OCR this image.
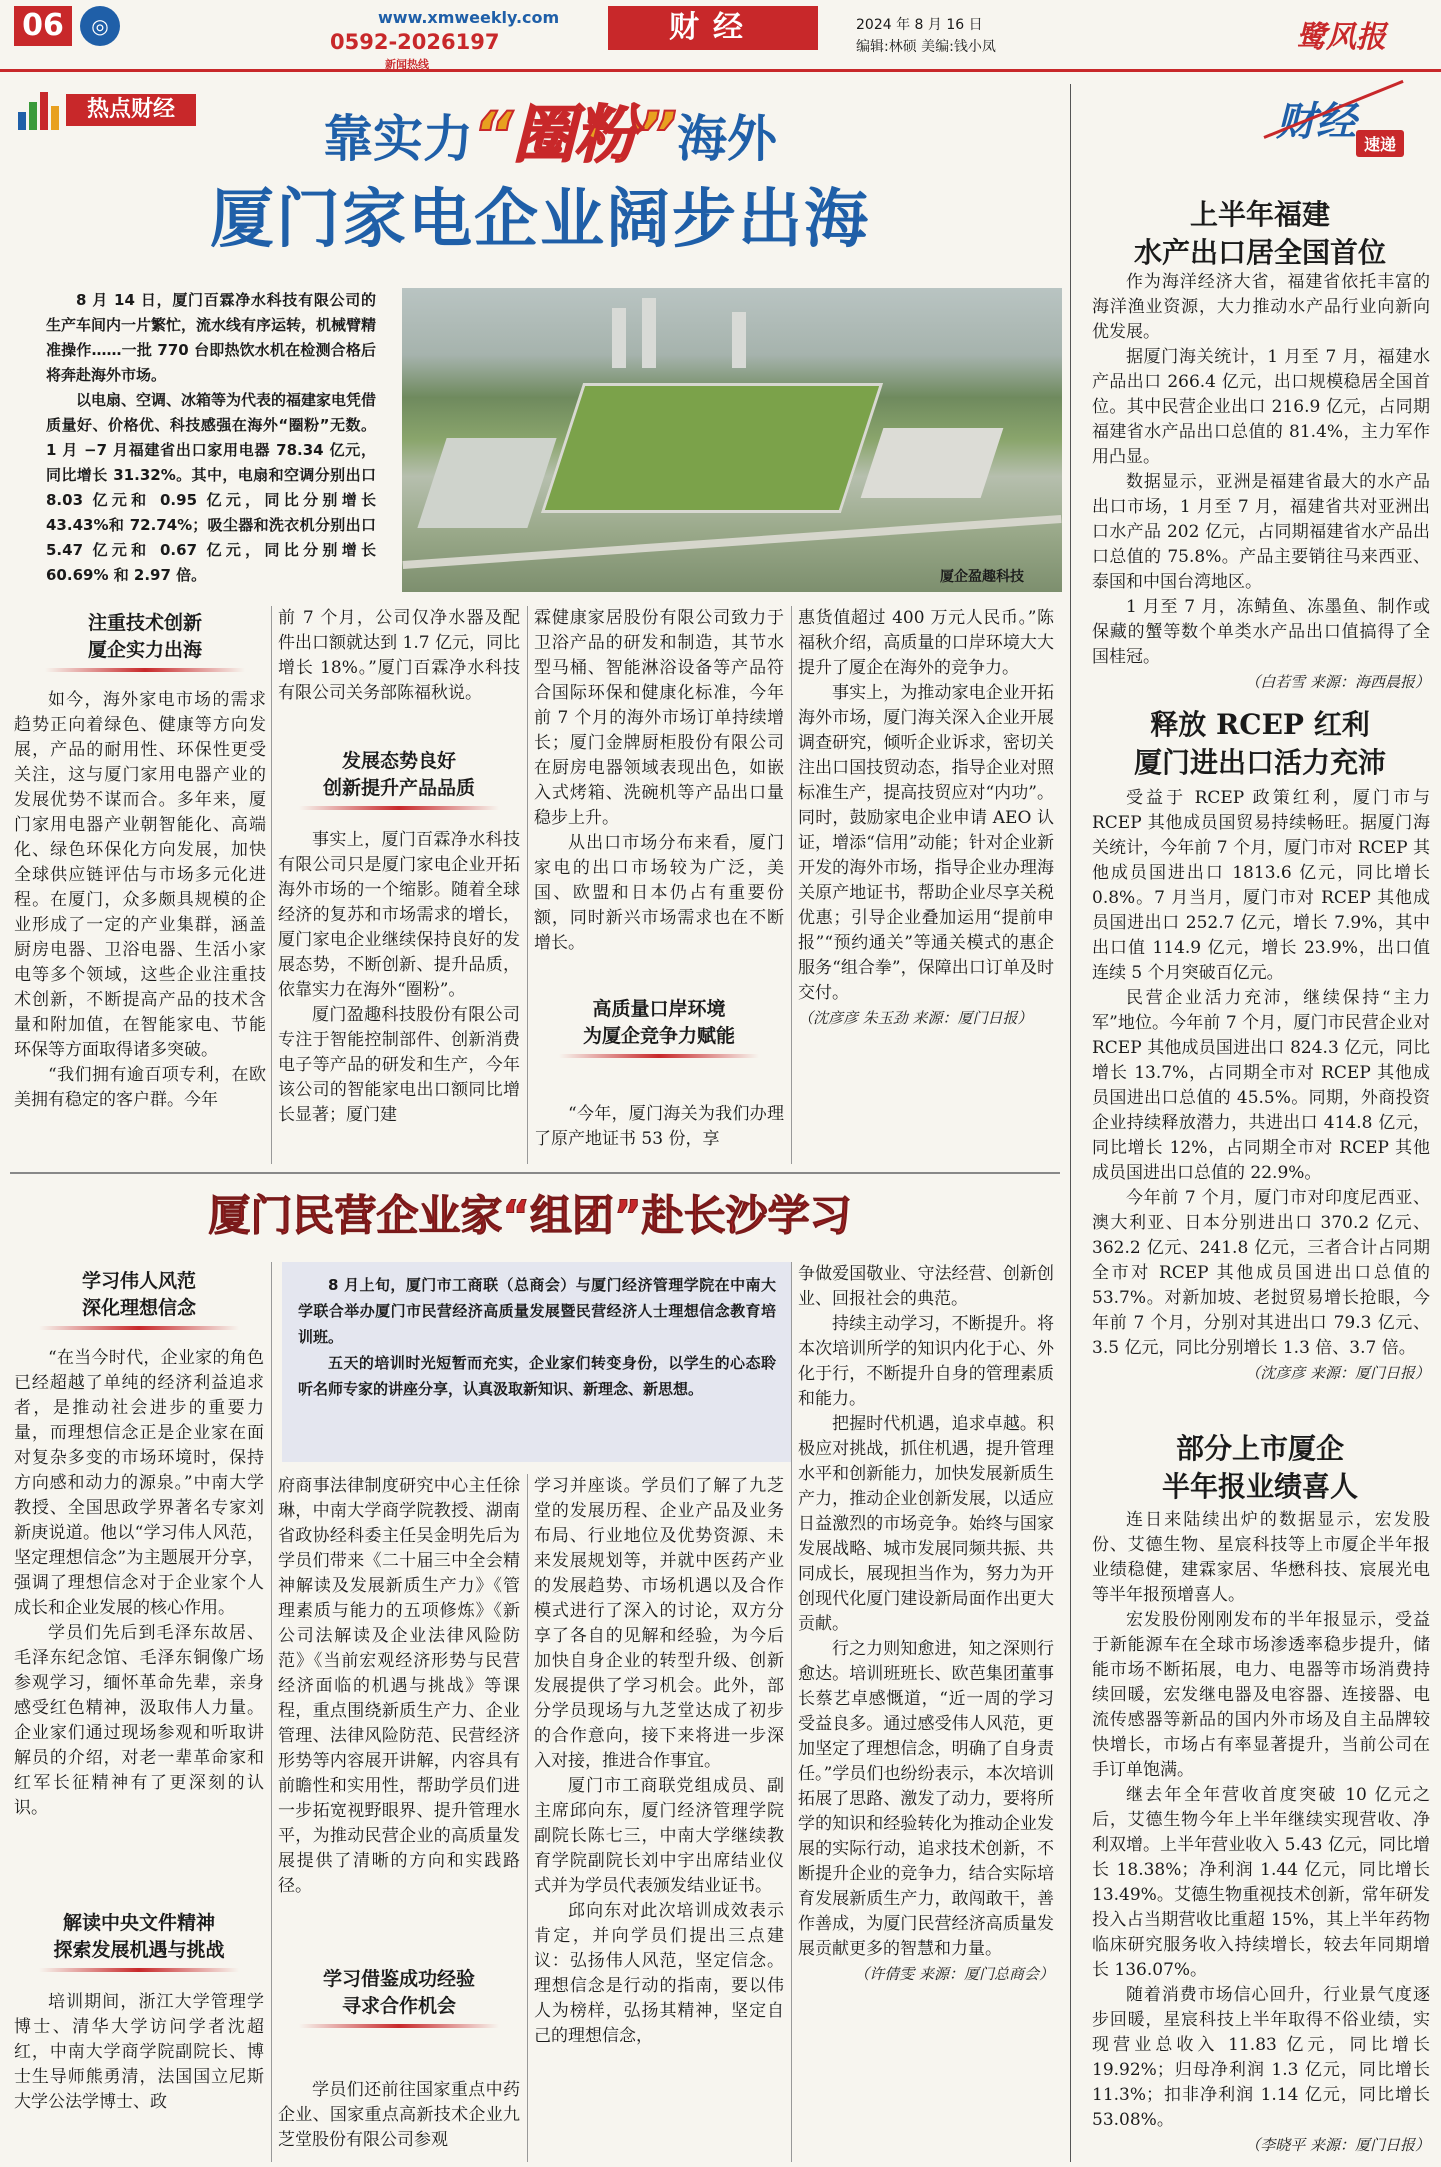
06	◎	www.xmweekly.com
0592-2026197
新闻热线
财经	2024 年 8 月 16 日
编辑:林硕 美编:钱小凤	鹭风报
热点财经
靠实力“圈粉”海外
厦门家电企业阔步出海

8 月 14 日，厦门百霖净水科技有限公司的生产车间内一片繁忙，流水线有序运转，机械臂精准操作……一批 770 台即热饮水机在检测合格后将奔赴海外市场。

以电扇、空调、冰箱等为代表的福建家电凭借质量好、价格优、科技感强在海外“圈粉”无数。1 月 −7 月福建省出口家用电器 78.34 亿元，同比增长 31.32%。其中，电扇和空调分别出口 8.03 亿元和 0.95 亿元，同比分别增长 43.43%和 72.74%；吸尘器和洗衣机分别出口 5.47 亿元和 0.67 亿元，同比分别增长 60.69% 和 2.97 倍。	厦企盈趣科技
注重技术创新
厦企实力出海

如今，海外家电市场的需求趋势正向着绿色、健康等方向发展，产品的耐用性、环保性更受关注，这与厦门家用电器产业的发展优势不谋而合。多年来，厦门家用电器产业朝智能化、高端化、绿色环保化方向发展，加快全球供应链评估与市场多元化进程。在厦门，众多颇具规模的企业形成了一定的产业集群，涵盖厨房电器、卫浴电器、生活小家电等多个领域，这些企业注重技术创新，不断提高产品的技术含量和附加值，在智能家电、节能环保等方面取得诸多突破。

“我们拥有逾百项专利，在欧美拥有稳定的客户群。今年

前 7 个月，公司仅净水器及配件出口额就达到 1.7 亿元，同比增长 18%。”厦门百霖净水科技有限公司关务部陈福秋说。

发展态势良好
创新提升产品品质

事实上，厦门百霖净水科技有限公司只是厦门家电企业开拓海外市场的一个缩影。随着全球经济的复苏和市场需求的增长，厦门家电企业继续保持良好的发展态势，不断创新、提升品质，依靠实力在海外“圈粉”。

厦门盈趣科技股份有限公司专注于智能控制部件、创新消费电子等产品的研发和生产，今年该公司的智能家电出口额同比增长显著；厦门建

霖健康家居股份有限公司致力于卫浴产品的研发和制造，其节水型马桶、智能淋浴设备等产品符合国际环保和健康化标准，今年前 7 个月的海外市场订单持续增长；厦门金牌厨柜股份有限公司在厨房电器领域表现出色，如嵌入式烤箱、洗碗机等产品出口量稳步上升。

从出口市场分布来看，厦门家电的出口市场较为广泛，美国、欧盟和日本仍占有重要份额，同时新兴市场需求也在不断增长。

高质量口岸环境
为厦企竞争力赋能

“今年，厦门海关为我们办理了原产地证书 53 份，享

惠货值超过 400 万元人民币。”陈福秋介绍，高质量的口岸环境大大提升了厦企在海外的竞争力。

事实上，为推动家电企业开拓海外市场，厦门海关深入企业开展调查研究，倾听企业诉求，密切关注出口国技贸动态，指导企业对照标准生产，提高技贸应对“内功”。同时，鼓励家电企业申请 AEO 认证，增添“信用”动能；针对企业新开发的海外市场，指导企业办理海关原产地证书，帮助企业尽享关税优惠；引导企业叠加运用“提前申报”“预约通关”等通关模式的惠企服务“组合拳”，保障出口订单及时交付。

（沈彦彦 朱玉劲 来源：厦门日报）

厦门民营企业家“组团”赴长沙学习
学习伟人风范
深化理想信念

“在当今时代，企业家的角色已经超越了单纯的经济利益追求者，是推动社会进步的重要力量，而理想信念正是企业家在面对复杂多变的市场环境时，保持方向感和动力的源泉。”中南大学教授、全国思政学界著名专家刘新庚说道。他以“学习伟人风范，坚定理想信念”为主题展开分享，强调了理想信念对于企业家个人成长和企业发展的核心作用。

学员们先后到毛泽东故居、毛泽东纪念馆、毛泽东铜像广场参观学习，缅怀革命先辈，亲身感受红色精神，汲取伟人力量。企业家们通过现场参观和听取讲解员的介绍，对老一辈革命家和红军长征精神有了更深刻的认识。

解读中央文件精神
探索发展机遇与挑战

培训期间，浙江大学管理学博士、清华大学访问学者沈超红，中南大学商学院副院长、博士生导师熊勇清，法国国立尼斯大学公法学博士、政

8 月上旬，厦门市工商联（总商会）与厦门经济管理学院在中南大学联合举办厦门市民营经济高质量发展暨民营经济人士理想信念教育培训班。

五天的培训时光短暂而充实，企业家们转变身份，以学生的心态聆听名师专家的讲座分享，认真汲取新知识、新理念、新思想。

府商事法律制度研究中心主任徐琳，中南大学商学院教授、湖南省政协经科委主任吴金明先后为学员们带来《二十届三中全会精神解读及发展新质生产力》《管理素质与能力的五项修炼》《新公司法解读及企业法律风险防范》《当前宏观经济形势与民营经济面临的机遇与挑战》等课程，重点围绕新质生产力、企业管理、法律风险防范、民营经济形势等内容展开讲解，内容具有前瞻性和实用性，帮助学员们进一步拓宽视野眼界、提升管理水平，为推动民营企业的高质量发展提供了清晰的方向和实践路径。

学习借鉴成功经验
寻求合作机会

学员们还前往国家重点中药企业、国家重点高新技术企业九芝堂股份有限公司参观

学习并座谈。学员们了解了九芝堂的发展历程、企业产品及业务布局、行业地位及优势资源、未来发展规划等，并就中医药产业的发展趋势、市场机遇以及合作模式进行了深入的讨论，双方分享了各自的见解和经验，为今后加快自身企业的转型升级、创新发展提供了学习机会。此外，部分学员现场与九芝堂达成了初步的合作意向，接下来将进一步深入对接，推进合作事宜。

厦门市工商联党组成员、副主席邱向东，厦门经济管理学院副院长陈七三，中南大学继续教育学院副院长刘中宇出席结业仪式并为学员代表颁发结业证书。

邱向东对此次培训成效表示肯定，并向学员们提出三点建议：弘扬伟人风范，坚定信念。理想信念是行动的指南，要以伟人为榜样，弘扬其精神，坚定自己的理想信念，

争做爱国敬业、守法经营、创新创业、回报社会的典范。

持续主动学习，不断提升。将本次培训所学的知识内化于心、外化于行，不断提升自身的管理素质和能力。

把握时代机遇，追求卓越。积极应对挑战，抓住机遇，提升管理水平和创新能力，加快发展新质生产力，推动企业创新发展，以适应日益激烈的市场竞争。始终与国家发展战略、城市发展同频共振、共同成长，展现担当作为，努力为开创现代化厦门建设新局面作出更大贡献。

行之力则知愈进，知之深则行愈达。培训班班长、欧芭集团董事长蔡艺卓感慨道，“近一周的学习受益良多。通过感受伟人风范，更加坚定了理想信念，明确了自身责任。”学员们也纷纷表示，本次培训拓展了思路、激发了动力，要将所学的知识和经验转化为推动企业发展的实际行动，追求技术创新，不断提升企业的竞争力，结合实际培育发展新质生产力，敢闯敢干，善作善成，为厦门民营经济高质量发展贡献更多的智慧和力量。

（许倩雯 来源：厦门总商会）

财经 速递
上半年福建
水产出口居全国首位

作为海洋经济大省，福建省依托丰富的海洋渔业资源，大力推动水产品行业向新向优发展。

据厦门海关统计，1 月至 7 月，福建水产品出口 266.4 亿元，出口规模稳居全国首位。其中民营企业出口 216.9 亿元，占同期福建省水产品出口总值的 81.4%，主力军作用凸显。

数据显示，亚洲是福建省最大的水产品出口市场，1 月至 7 月，福建省共对亚洲出口水产品 202 亿元，占同期福建省水产品出口总值的 75.8%。产品主要销往马来西亚、泰国和中国台湾地区。

1 月至 7 月，冻鲭鱼、冻墨鱼、制作或保藏的蟹等数个单类水产品出口值搞得了全国桂冠。

（白若雪 来源：海西晨报）

释放 RCEP 红利
厦门进出口活力充沛

受益于 RCEP 政策红利，厦门市与 RCEP 其他成员国贸易持续畅旺。据厦门海关统计，今年前 7 个月，厦门市对 RCEP 其他成员国进出口 1813.6 亿元，同比增长 0.8%。7 月当月，厦门市对 RCEP 其他成员国进出口 252.7 亿元，增长 7.9%，其中出口值 114.9 亿元，增长 23.9%，出口值连续 5 个月突破百亿元。

民营企业活力充沛，继续保持“主力军”地位。今年前 7 个月，厦门市民营企业对 RCEP 其他成员国进出口 824.3 亿元，同比增长 13.7%，占同期全市对 RCEP 其他成员国进出口总值的 45.5%。同期，外商投资企业持续释放潜力，共进出口 414.8 亿元，同比增长 12%，占同期全市对 RCEP 其他成员国进出口总值的 22.9%。

今年前 7 个月，厦门市对印度尼西亚、澳大利亚、日本分别进出口 370.2 亿元、362.2 亿元、241.8 亿元，三者合计占同期全市对 RCEP 其他成员国进出口总值的 53.7%。对新加坡、老挝贸易增长抢眼，今年前 7 个月，分别对其进出口 79.3 亿元、3.5 亿元，同比分别增长 1.3 倍、3.7 倍。

（沈彦彦 来源：厦门日报）

部分上市厦企
半年报业绩喜人

连日来陆续出炉的数据显示，宏发股份、艾德生物、星宸科技等上市厦企半年报业绩稳健，建霖家居、华懋科技、宸展光电等半年报预增喜人。

宏发股份刚刚发布的半年报显示，受益于新能源车在全球市场渗透率稳步提升，储能市场不断拓展，电力、电器等市场消费持续回暖，宏发继电器及电容器、连接器、电流传感器等新品的国内外市场及自主品牌较快增长，市场占有率显著提升，当前公司在手订单饱满。

继去年全年营收首度突破 10 亿元之后，艾德生物今年上半年继续实现营收、净利双增。上半年营业收入 5.43 亿元，同比增长 18.38%；净利润 1.44 亿元，同比增长 13.49%。艾德生物重视技术创新，常年研发投入占当期营收比重超 15%，其上半年药物临床研究服务收入持续增长，较去年同期增长 136.07%。

随着消费市场信心回升，行业景气度逐步回暖，星宸科技上半年取得不俗业绩，实现营业总收入 11.83 亿元，同比增长 19.92%；归母净利润 1.3 亿元，同比增长 11.3%；扣非净利润 1.14 亿元，同比增长 53.08%。

（李晓平 来源：厦门日报）
